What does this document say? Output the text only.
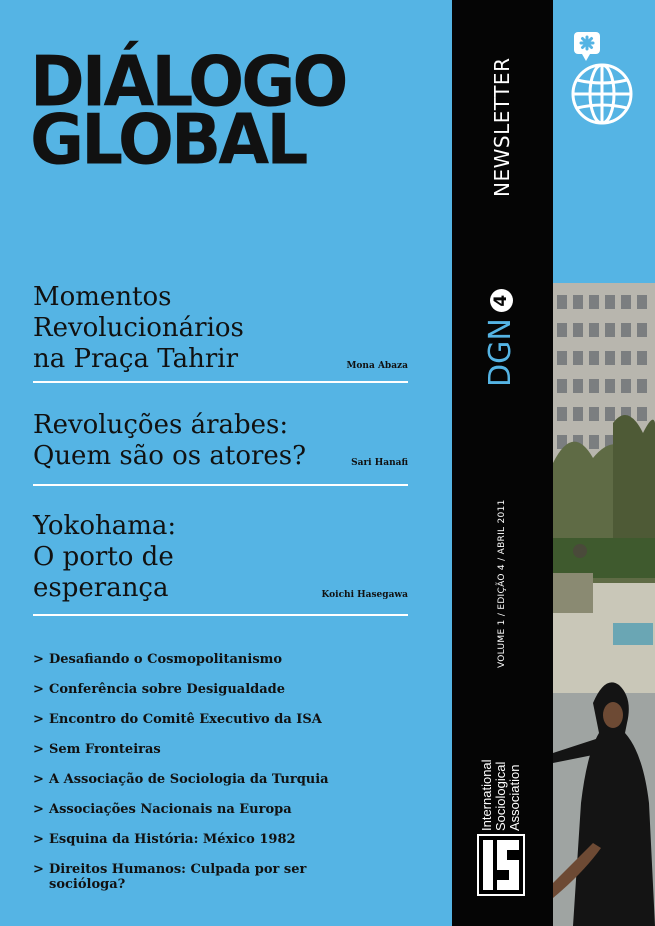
DIÁLOGO
GLOBAL

Momentos
Revolucionários
na Praça Tahrir	Mona Abaza

Revoluções árabes:
Quem são os atores?	Sari Hanafi

Yokohama:
O porto de
esperança	Koichi Hasegawa
> Desafiando o Cosmopolitanismo
> Conferência sobre Desigualdade
> Encontro do Comitê Executivo da ISA
> Sem Fronteiras
> A Associação de Sociologia da Turquia
> Associações Nacionais na Europa
> Esquina da História: México 1982
> Direitos Humanos: Culpada por ser socióloga?
NEWSLETTER
DGN4
VOLUME 1 / EDIÇÃO 4 / ABRIL 2011
International
Sociological
Association
